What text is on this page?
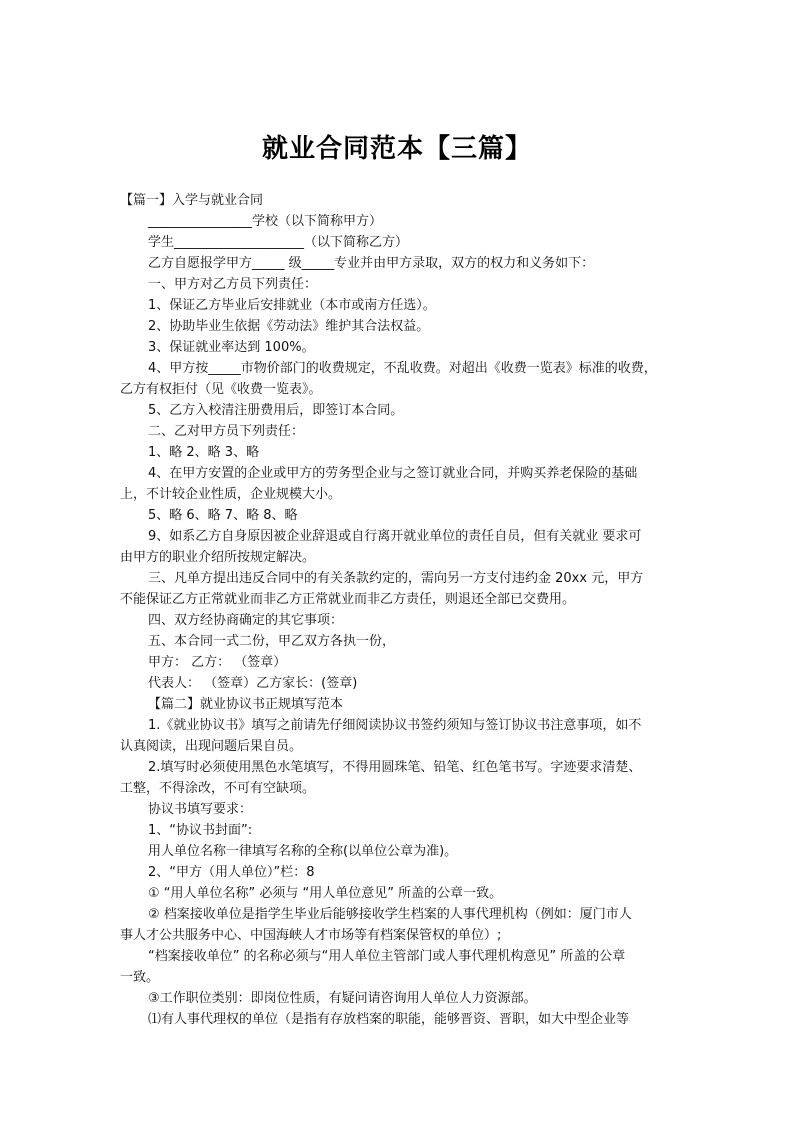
就业合同范本【三篇】

【篇一】入学与就业合同

________________学校（以下简称甲方）

学生____________________（以下简称乙方）

乙方自愿报学甲方_____ 级_____专业并由甲方录取，双方的权力和义务如下：

一、甲方对乙方员下列责任：

1、保证乙方毕业后安排就业（本市或南方任选）。

2、协助毕业生依据《劳动法》维护其合法权益。

3、保证就业率达到 100%。

4、甲方按_____市物价部门的收费规定，不乱收费。对超出《收费一览表》标准的收费，

乙方有权拒付（见《收费一览表》。

5、乙方入校清注册费用后，即签订本合同。

二、乙对甲方员下列责任：

1、略 2、略 3、略

4、在甲方安置的企业或甲方的劳务型企业与之签订就业合同，并购买养老保险的基础

上，不计较企业性质，企业规模大小。

5、略 6、略 7、略 8、略

9、如系乙方自身原因被企业辞退或自行离开就业单位的责任自员，但有关就业 要求可

由甲方的职业介绍所按规定解决。

三、凡单方提出违反合同中的有关条款约定的，需向另一方支付违约金 20xx 元，甲方

不能保证乙方正常就业而非乙方正常就业而非乙方责任，则退还全部已交费用。

四、双方经协商确定的其它事项：

五、本合同一式二份，甲乙双方各执一份，

甲方： 乙方： （签章）

代表人： （签章）乙方家长：(签章)

【篇二】就业协议书正规填写范本

1.《就业协议书》填写之前请先仔细阅读协议书签约须知与签订协议书注意事项，如不

认真阅读，出现问题后果自员。

2.填写时必须使用黑色水笔填写，不得用圆珠笔、铅笔、红色笔书写。字迹要求清楚、

工整，不得涂改，不可有空缺项。

协议书填写要求：

1、“协议书封面”:

用人单位名称一律填写名称的全称(以单位公章为准)。

2、“甲方（用人单位）”栏：8

① “用人单位名称” 必须与 “用人单位意见” 所盖的公章一致。

② 档案接收单位是指学生毕业后能够接收学生档案的人事代理机构（例如：厦门市人

事人才公共服务中心、中国海峡人才市场等有档案保管权的单位）;

“档案接收单位” 的名称必须与“用人单位主管部门或人事代理机构意见” 所盖的公章

一致。

③工作职位类别：即岗位性质，有疑问请咨询用人单位人力资源部。

⑴有人事代理权的单位（是指有存放档案的职能，能够晋资、晋职，如大中型企业等
